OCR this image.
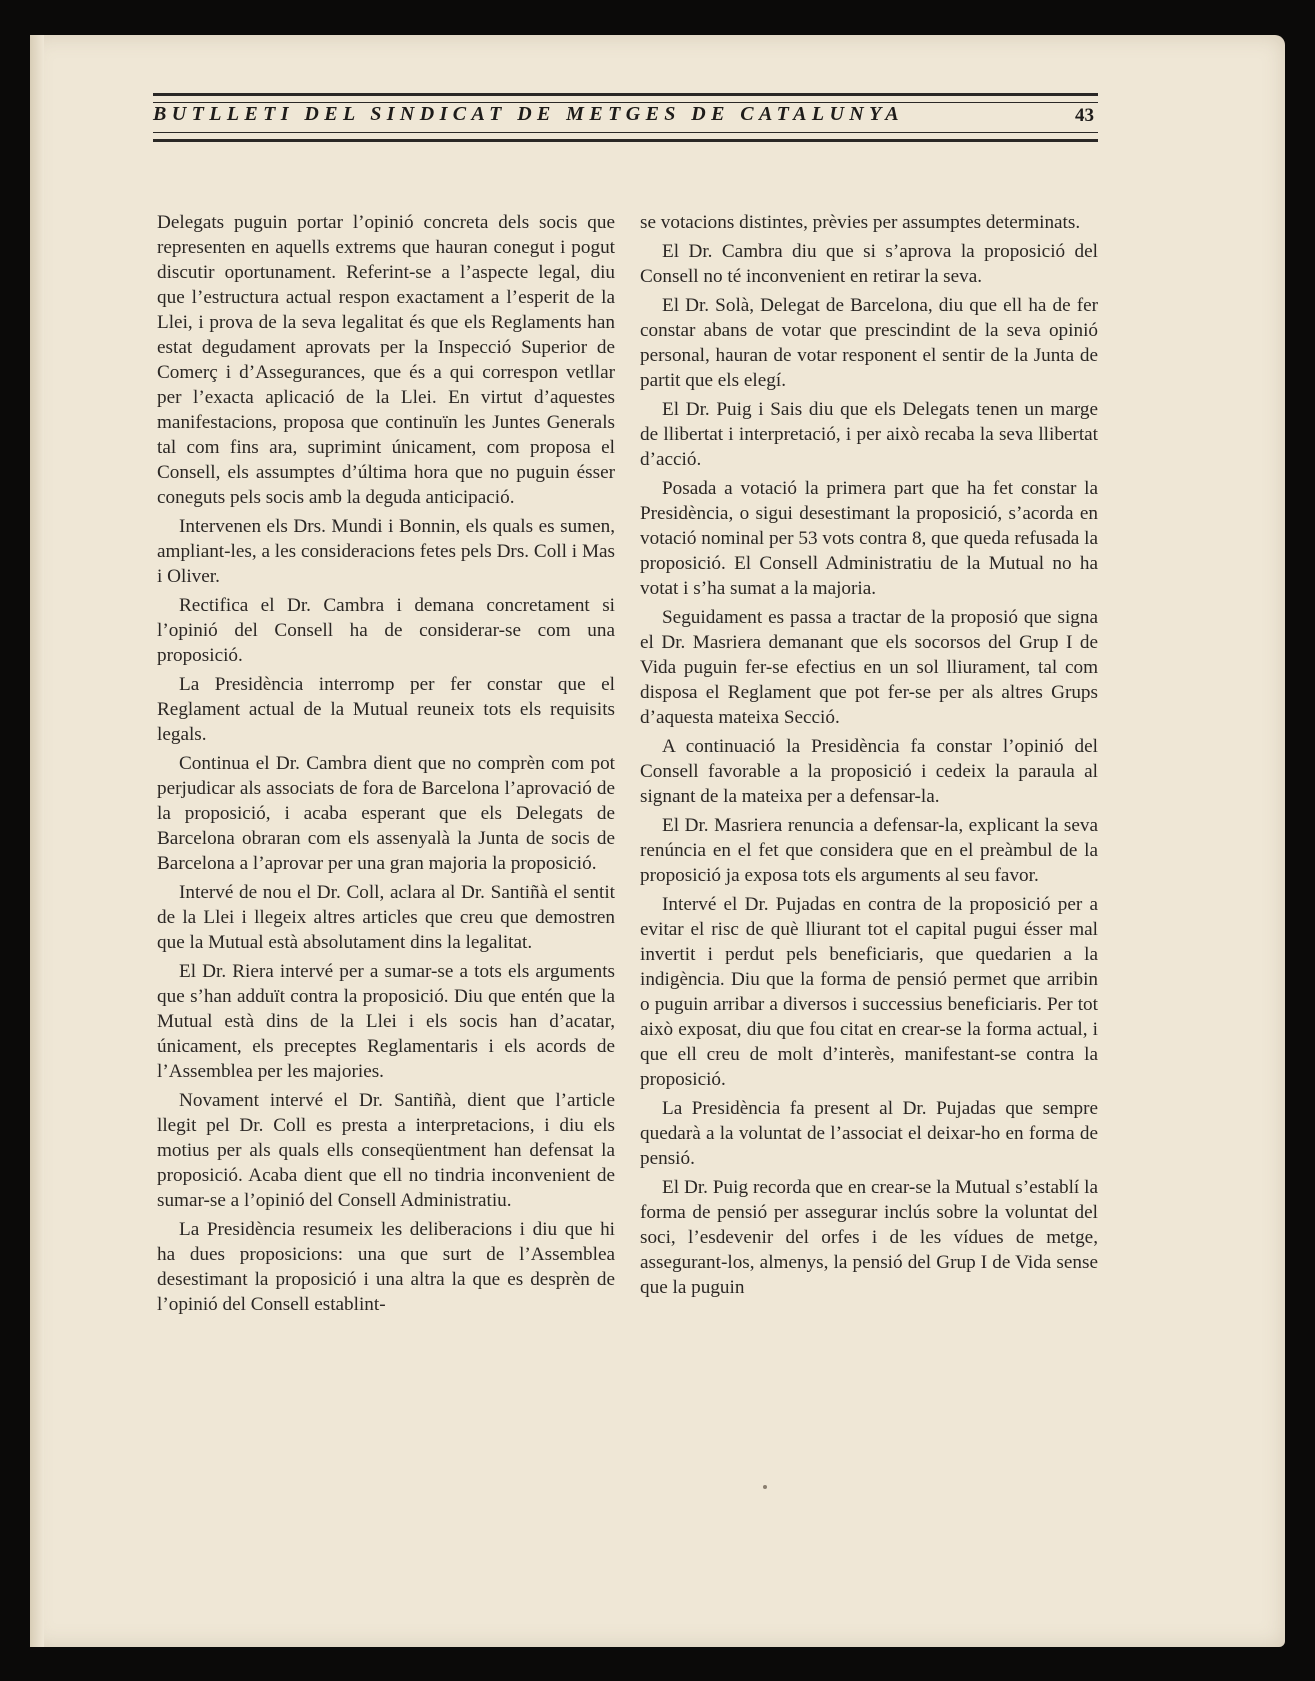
BUTLLETI DEL SINDICAT DE METGES DE CATALUNYA	43

Delegats puguin portar l’opinió concreta dels socis que representen en aquells extrems que hauran conegut i pogut discutir oportunament. Referint-se a l’aspecte legal, diu que l’estructura actual respon exactament a l’esperit de la Llei, i prova de la seva legalitat és que els Reglaments han estat degudament aprovats per la Inspecció Superior de Comerç i d’Assegurances, que és a qui correspon vetllar per l’exacta aplicació de la Llei. En virtut d’aquestes manifestacions, proposa que continuïn les Juntes Generals tal com fins ara, suprimint únicament, com proposa el Consell, els assumptes d’última hora que no puguin ésser coneguts pels socis amb la deguda anticipació.

Intervenen els Drs. Mundi i Bonnin, els quals es sumen, ampliant-les, a les consideracions fetes pels Drs. Coll i Mas i Oliver.

Rectifica el Dr. Cambra i demana concretament si l’opinió del Consell ha de considerar-se com una proposició.

La Presidència interromp per fer constar que el Reglament actual de la Mutual reuneix tots els requisits legals.

Continua el Dr. Cambra dient que no comprèn com pot perjudicar als associats de fora de Barcelona l’aprovació de la proposició, i acaba esperant que els Delegats de Barcelona obraran com els assenyalà la Junta de socis de Barcelona a l’aprovar per una gran majoria la proposició.

Intervé de nou el Dr. Coll, aclara al Dr. Santiñà el sentit de la Llei i llegeix altres articles que creu que demostren que la Mutual està absolutament dins la legalitat.

El Dr. Riera intervé per a sumar-se a tots els arguments que s’han adduït contra la proposició. Diu que entén que la Mutual està dins de la Llei i els socis han d’acatar, únicament, els preceptes Reglamentaris i els acords de l’Assemblea per les majories.

Novament intervé el Dr. Santiñà, dient que l’article llegit pel Dr. Coll es presta a interpretacions, i diu els motius per als quals ells conseqüentment han defensat la proposició. Acaba dient que ell no tindria inconvenient de sumar-se a l’opinió del Consell Administratiu.

La Presidència resumeix les deliberacions i diu que hi ha dues proposicions: una que surt de l’Assemblea desestimant la proposició i una altra la que es desprèn de l’opinió del Consell establint-

se votacions distintes, prèvies per assumptes determinats.

El Dr. Cambra diu que si s’aprova la proposició del Consell no té inconvenient en retirar la seva.

El Dr. Solà, Delegat de Barcelona, diu que ell ha de fer constar abans de votar que prescindint de la seva opinió personal, hauran de votar responent el sentir de la Junta de partit que els elegí.

El Dr. Puig i Sais diu que els Delegats tenen un marge de llibertat i interpretació, i per això recaba la seva llibertat d’acció.

Posada a votació la primera part que ha fet constar la Presidència, o sigui desestimant la proposició, s’acorda en votació nominal per 53 vots contra 8, que queda refusada la proposició. El Consell Administratiu de la Mutual no ha votat i s’ha sumat a la majoria.

Seguidament es passa a tractar de la proposió que signa el Dr. Masriera demanant que els socorsos del Grup I de Vida puguin fer-se efectius en un sol lliurament, tal com disposa el Reglament que pot fer-se per als altres Grups d’aquesta mateixa Secció.

A continuació la Presidència fa constar l’opinió del Consell favorable a la proposició i cedeix la paraula al signant de la mateixa per a defensar-la.

El Dr. Masriera renuncia a defensar-la, explicant la seva renúncia en el fet que considera que en el preàmbul de la proposició ja exposa tots els arguments al seu favor.

Intervé el Dr. Pujadas en contra de la proposició per a evitar el risc de què lliurant tot el capital pugui ésser mal invertit i perdut pels beneficiaris, que quedarien a la indigència. Diu que la forma de pensió permet que arribin o puguin arribar a diversos i successius beneficiaris. Per tot això exposat, diu que fou citat en crear-se la forma actual, i que ell creu de molt d’interès, manifestant-se contra la proposició.

La Presidència fa present al Dr. Pujadas que sempre quedarà a la voluntat de l’associat el deixar-ho en forma de pensió.

El Dr. Puig recorda que en crear-se la Mutual s’establí la forma de pensió per assegurar inclús sobre la voluntat del soci, l’esdevenir del orfes i de les vídues de metge, assegurant-los, almenys, la pensió del Grup I de Vida sense que la puguin
